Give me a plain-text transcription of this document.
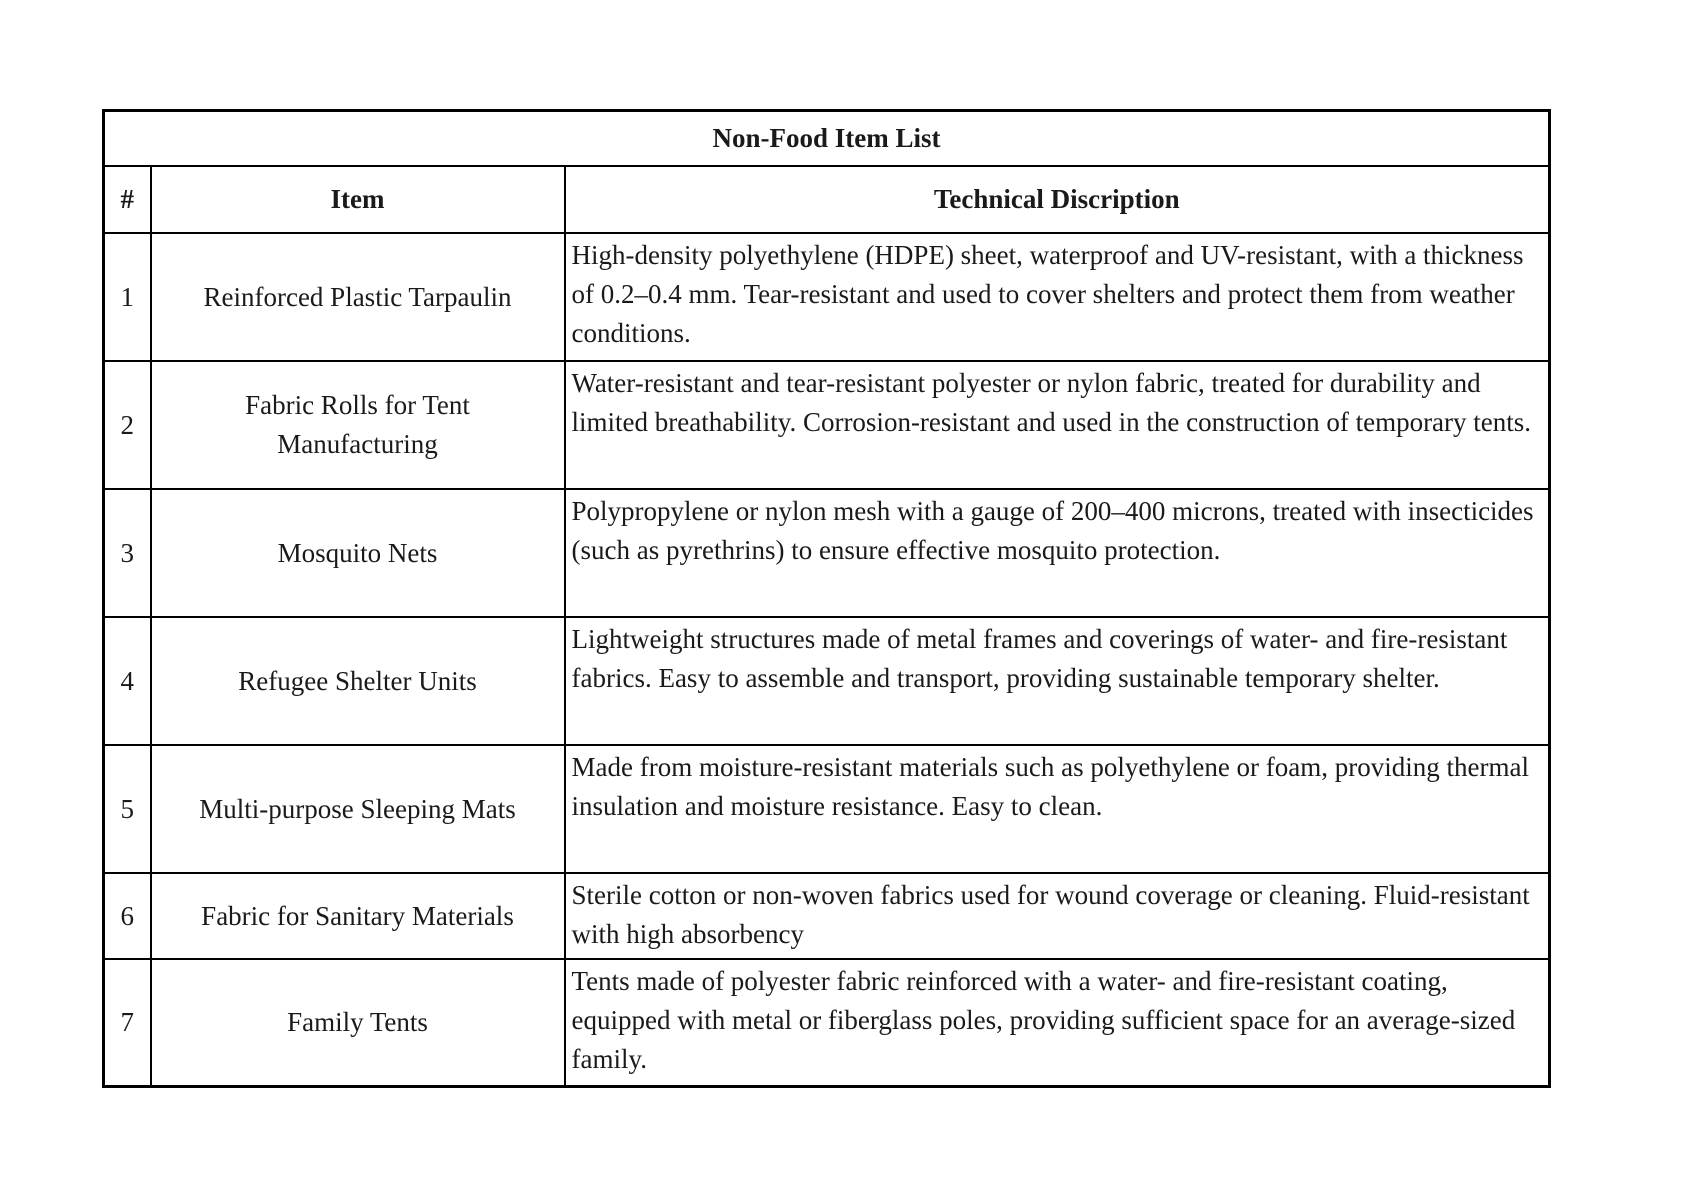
Non-Food Item List		
#	Item	Technical Discription
1	Reinforced Plastic Tarpaulin	High-density polyethylene (HDPE) sheet, waterproof and UV-resistant, with a thickness of 0.2–0.4 mm. Tear-resistant and used to cover shelters and protect them from weather conditions.
2	Fabric Rolls for Tent Manufacturing	Water-resistant and tear-resistant polyester or nylon fabric, treated for durability and limited breathability. Corrosion-resistant and used in the construction of temporary tents.
3	Mosquito Nets	Polypropylene or nylon mesh with a gauge of 200–400 microns, treated with insecticides (such as pyrethrins) to ensure effective mosquito protection.
4	Refugee Shelter Units	Lightweight structures made of metal frames and coverings of water- and fire-resistant fabrics. Easy to assemble and transport, providing sustainable temporary shelter.
5	Multi-purpose Sleeping Mats	Made from moisture-resistant materials such as polyethylene or foam, providing thermal insulation and moisture resistance. Easy to clean.
6	Fabric for Sanitary Materials	Sterile cotton or non-woven fabrics used for wound coverage or cleaning. Fluid-resistant with high absorbency
7	Family Tents	Tents made of polyester fabric reinforced with a water- and fire-resistant coating, equipped with metal or fiberglass poles, providing sufficient space for an average-sized family.
